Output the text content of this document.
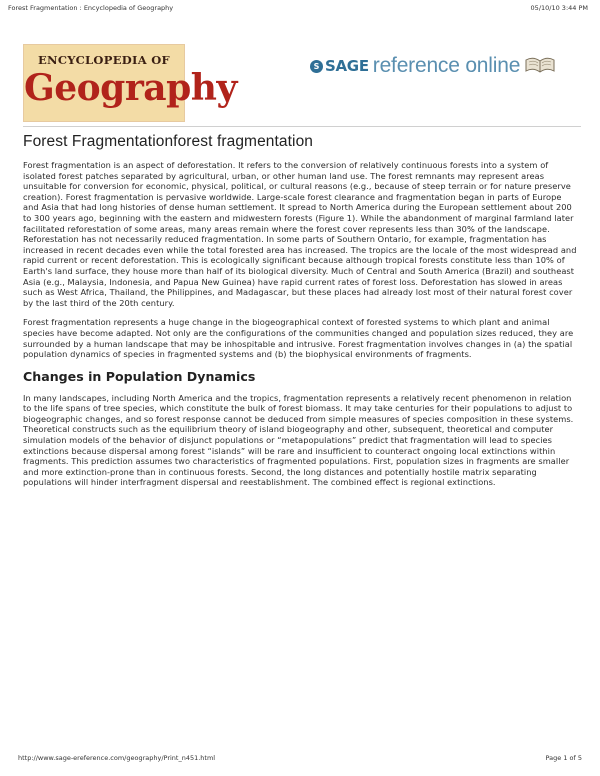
Forest Fragmentation : Encyclopedia of Geography	05/10/10 3:44 PM
ENCYCLOPEDIA OF
Geography
S SAGE reference online
Forest Fragmentationforest fragmentation

Forest fragmentation is an aspect of deforestation. It refers to the conversion of relatively continuous forests into a system of isolated forest patches separated by agricultural, urban, or other human land use. The forest remnants may represent areas unsuitable for conversion for economic, physical, political, or cultural reasons (e.g., because of steep terrain or for nature preserve creation). Forest fragmentation is pervasive worldwide. Large-scale forest clearance and fragmentation began in parts of Europe and Asia that had long histories of dense human settlement. It spread to North America during the European settlement about 200 to 300 years ago, beginning with the eastern and midwestern forests (Figure 1). While the abandonment of marginal farmland later facilitated reforestation of some areas, many areas remain where the forest cover represents less than 30% of the landscape. Reforestation has not necessarily reduced fragmentation. In some parts of Southern Ontario, for example, fragmentation has increased in recent decades even while the total forested area has increased. The tropics are the locale of the most widespread and rapid current or recent deforestation. This is ecologically significant because although tropical forests constitute less than 10% of Earth's land surface, they house more than half of its biological diversity. Much of Central and South America (Brazil) and southeast Asia (e.g., Malaysia, Indonesia, and Papua New Guinea) have rapid current rates of forest loss. Deforestation has slowed in areas such as West Africa, Thailand, the Philippines, and Madagascar, but these places had already lost most of their natural forest cover by the last third of the 20th century.

Forest fragmentation represents a huge change in the biogeographical context of forested systems to which plant and animal species have become adapted. Not only are the configurations of the communities changed and population sizes reduced, they are surrounded by a human landscape that may be inhospitable and intrusive. Forest fragmentation involves changes in (a) the spatial population dynamics of species in fragmented systems and (b) the biophysical environments of fragments.

Changes in Population Dynamics

In many landscapes, including North America and the tropics, fragmentation represents a relatively recent phenomenon in relation to the life spans of tree species, which constitute the bulk of forest biomass. It may take centuries for their populations to adjust to biogeographic changes, and so forest response cannot be deduced from simple measures of species composition in these systems. Theoretical constructs such as the equilibrium theory of island biogeography and other, subsequent, theoretical and computer simulation models of the behavior of disjunct populations or “metapopulations” predict that fragmentation will lead to species extinctions because dispersal among forest “islands” will be rare and insufficient to counteract ongoing local extinctions within fragments. This prediction assumes two characteristics of fragmented populations. First, population sizes in fragments are smaller and more extinction-prone than in continuous forests. Second, the long distances and potentially hostile matrix separating populations will hinder interfragment dispersal and reestablishment. The combined effect is regional extinctions.

http://www.sage-ereference.com/geography/Print_n451.html	Page 1 of 5
